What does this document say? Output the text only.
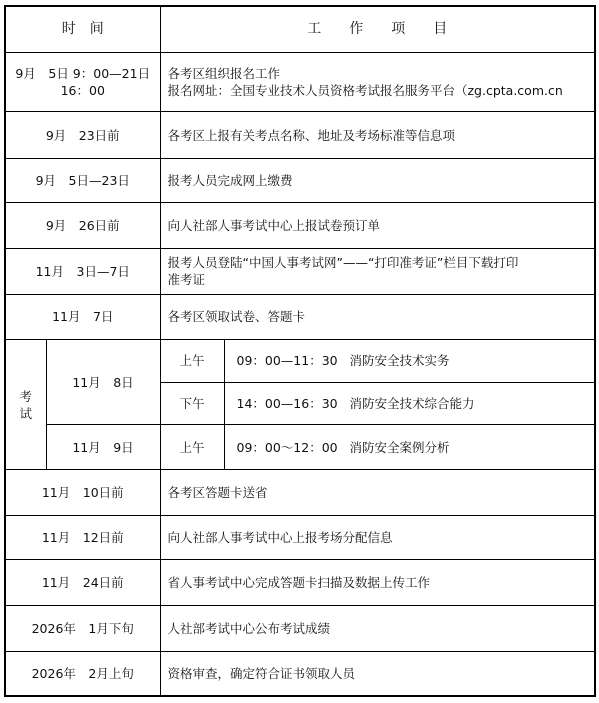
时　间		工　　作　　项　　目	

9月　5日 9：00—21日
16：00		各考区组织报名工作
报名网址：全国专业技术人员资格考试报名服务平台（zg.cpta.com.cn	

9月　23日前		各考区上报有关考点名称、地址及考场标准等信息项	
9月　5日—23日		报考人员完成网上缴费	
9月　26日前		向人社部人事考试中心上报试卷预订单	
11月　3日—7日		报考人员登陆“中国人事考试网”——“打印准考证”栏目下载打印
准考证	

11月　7日		各考区领取试卷、答题卡	

考
试	11月　8日	上午	09：00—11：30 消防安全技术实务
		下午	14：00—16：30 消防安全技术综合能力
	11月　9日	上午	09：00～12：00 消防安全案例分析
11月　10日前		各考区答题卡送省	
11月　12日前		向人社部人事考试中心上报考场分配信息	
11月　24日前		省人事考试中心完成答题卡扫描及数据上传工作	
2026年　1月下旬		人社部考试中心公布考试成绩	
2026年　2月上旬		资格审查，确定符合证书领取人员	
